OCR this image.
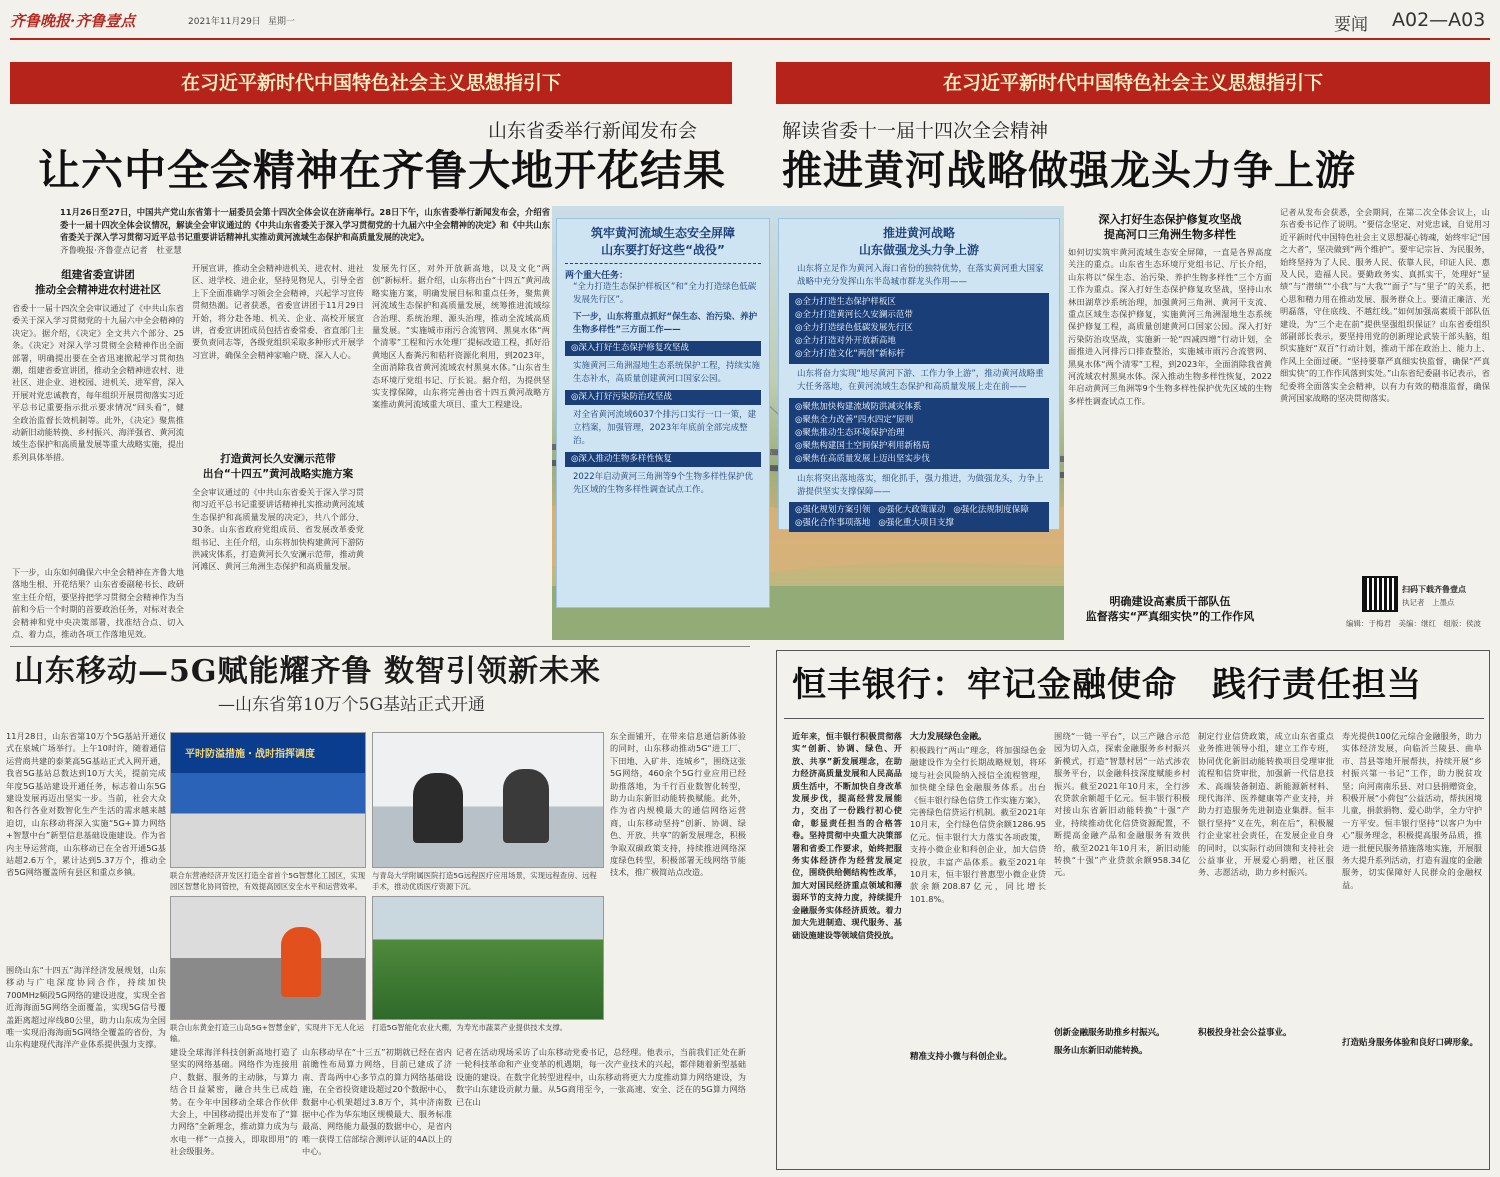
齐鲁晚报·齐鲁壹点	2021年11月29日 星期一	要闻 A02—A03
在习近平新时代中国特色社会主义思想指引下
山东省委举行新闻发布会
让六中全会精神在齐鲁大地开花结果
11月26日至27日，中国共产党山东省第十一届委员会第十四次全体会议在济南举行。28日下午，山东省委举行新闻发布会，介绍省委十一届十四次全体会议情况，解读全会审议通过的《中共山东省委关于深入学习贯彻党的十九届六中全会精神的决定》和《中共山东省委关于深入学习贯彻习近平总书记重要讲话精神扎实推动黄河流域生态保护和高质量发展的决定》。
齐鲁晚报·齐鲁壹点记者　杜亚慧
组建省委宣讲团
推动全会精神进农村进社区
省委十一届十四次全会审议通过了《中共山东省委关于深入学习贯彻党的十九届六中全会精神的决定》。据介绍，《决定》全文共六个部分、25条。《决定》对深入学习贯彻全会精神作出全面部署，明确提出要在全省迅速掀起学习贯彻热潮，组建省委宣讲团，推动全会精神进农村、进社区、进企业、进校园、进机关、进军营，深入开展对党忠诚教育，每年组织开展贯彻落实习近平总书记重要指示批示要求情况“回头看”，健全政治监督长效机制等。此外，《决定》聚焦推动新旧动能转换、乡村振兴、海洋强省、黄河流域生态保护和高质量发展等重大战略实施，提出系列具体举措。
下一步，山东如何确保六中全会精神在齐鲁大地落地生根、开花结果？山东省委副秘书长、政研室主任介绍，要坚持把学习贯彻全会精神作为当前和今后一个时期的首要政治任务，对标对表全会精神和党中央决策部署，找准结合点、切入点、着力点，推动各项工作落地见效。
开展宣讲，推动全会精神进机关、进农村、进社区、进学校、进企业，坚持见物见人，引导全省上下全面准确学习领会全会精神，兴起学习宣传贯彻热潮。记者获悉，省委宣讲团于11月29日开始，将分赴各地、机关、企业、高校开展宣讲，省委宣讲团成员包括省委常委、省直部门主要负责同志等，各级党组织采取多种形式开展学习宣讲，确保全会精神家喻户晓、深入人心。
打造黄河长久安澜示范带
出台“十四五”黄河战略实施方案
全会审议通过的《中共山东省委关于深入学习贯彻习近平总书记重要讲话精神扎实推动黄河流域生态保护和高质量发展的决定》，共八个部分、30条。山东省政府党组成员、省发展改革委党组书记、主任介绍，山东将加快构建黄河下游防洪减灾体系，打造黄河长久安澜示范带，推动黄河滩区、黄河三角洲生态保护和高质量发展。
发展先行区，对外开放新高地，以及文化“两创”新标杆。据介绍，山东将出台“十四五”黄河战略实施方案，明确发展目标和重点任务，聚焦黄河流域生态保护和高质量发展，统筹推进流域综合治理、系统治理、源头治理，推动全流域高质量发展。“实施城市雨污合流管网、黑臭水体“两个清零”工程和污水处理厂提标改造工程，抓好沿黄地区人畜粪污和秸秆资源化利用，到2023年，全面消除我省黄河流域农村黑臭水体。”山东省生态环境厅党组书记、厅长说。据介绍，为提供坚实支撑保障，山东将完善由省十四五黄河战略方案推动黄河流域重大项目、重大工程建设。
筑牢黄河流域生态安全屏障
山东要打好这些“战役”
两个重大任务：
“全力打造生态保护样板区”和“全力打造绿色低碳发展先行区”。
下一步，山东将重点抓好“保生态、治污染、养护生物多样性”三方面工作——
◎深入打好生态保护修复攻坚战
实施黄河三角洲湿地生态系统保护工程，持续实施生态补水，高质量创建黄河口国家公园。
◎深入打好污染防治攻坚战
对全省黄河流域6037个排污口实行一口一策，建立档案，加强管理，2023年年底前全部完成整治。
◎深入推动生物多样性恢复
2022年启动黄河三角洲等9个生物多样性保护优先区域的生物多样性调查试点工作。
推进黄河战略
山东做强龙头力争上游
山东将立足作为黄河入海口省份的独特优势，在落实黄河重大国家战略中充分发挥山东半岛城市群龙头作用——
◎全力打造生态保护样板区
◎全力打造黄河长久安澜示范带
◎全力打造绿色低碳发展先行区
◎全力打造对外开放新高地
◎全力打造文化“两创”新标杆
山东将奋力实现“地尽黄河下游、工作力争上游”，推动黄河战略重大任务落地，在黄河流域生态保护和高质量发展上走在前——
◎聚焦加快构建流域防洪减灾体系
◎聚焦全力改善“四水四定”原则
◎聚焦推动生态环境保护治理
◎聚焦构建国土空间保护利用新格局
◎聚焦在高质量发展上迈出坚实步伐
山东将突出落地落实，细化抓手，强力推进，为做强龙头，力争上游提供坚实支撑保障——
◎强化规划方案引领 ◎强化大政策谋动 ◎强化法规制度保障
◎强化合作事项落地 ◎强化重大项目支撑
在习近平新时代中国特色社会主义思想指引下
解读省委十一届十四次全会精神
推进黄河战略做强龙头力争上游
深入打好生态保护修复攻坚战
提高河口三角洲生物多样性
如何切实筑牢黄河流域生态安全屏障，一直是各界高度关注的重点。山东省生态环境厅党组书记、厅长介绍，山东将以“保生态、治污染、养护生物多样性”三个方面工作为重点。深入打好生态保护修复攻坚战，坚持山水林田湖草沙系统治理，加强黄河三角洲、黄河干支流、重点区域生态保护修复，实施黄河三角洲湿地生态系统保护修复工程，高质量创建黄河口国家公园。深入打好污染防治攻坚战，实施新一轮“四减四增”行动计划，全面推进入河排污口排查整治，实施城市雨污合流管网、黑臭水体“两个清零”工程，到2023年，全面消除我省黄河流域农村黑臭水体。深入推动生物多样性恢复，2022年启动黄河三角洲等9个生物多样性保护优先区域的生物多样性调查试点工作。
明确建设高素质干部队伍
监督落实“严真细实快”的工作作风
记者从发布会获悉，全会期间，在第二次全体会议上，山东省委书记作了说明。“要信念坚定、对党忠诚，自觉用习近平新时代中国特色社会主义思想凝心铸魂，始终牢记“国之大者”，坚决做到“两个维护”。要牢记宗旨、为民服务，始终坚持为了人民、服务人民、依靠人民，印证人民、惠及人民，造福人民。要勤政务实、真抓实干，处理好“显绩”与“潜绩”“小我”与“大我”“面子”与“里子”的关系，把心思和精力用在推动发展、服务群众上。要清正廉洁、光明磊落，守住底线、不越红线。”如何加强高素质干部队伍建设，为“三个走在前”提供坚强组织保证？山东省委组织部副部长表示，要坚持用党的创新理论武装干部头脑，组织实施好“双百”行动计划，推动干部在政治上、能力上、作风上全面过硬。“坚持要靠严真细实快监督，确保“严真细实快”的工作作风落到实处。”山东省纪委副书记表示，省纪委将全面落实全会精神，以有力有效的精准监督，确保黄河国家战略的坚决贯彻落实。
扫码下载齐鲁壹点
执记者　上墨点
编辑：于梅君　美编：继红　组版：侯波
山东移动—5G赋能耀齐鲁 数智引领新未来
—山东省第10万个5G基站正式开通
11月28日，山东省第10万个5G基站开通仪式在泉城广场举行。上午10时许，随着通信运营商共建的泰莱高5G基站正式入网开通，我省5G基站总数达到10万大关，提前完成年度5G基站建设开通任务，标志着山东5G建设发展再迈出坚实一步。当前，社会大众和各行各业对数智化生产生活的需求越来越迫切，山东移动将深入实施“5G+算力网络+智慧中台”新型信息基础设施建设。作为省内主导运营商，山东移动已在全省开通5G基站超2.6万个，累计达到5.37万个，推动全省5G网络覆盖所有县区和重点乡镇。
围绕山东“十四五”海洋经济发展规划，山东移动与广电深度协同合作，持续加快700MHz频段5G网络的建设进度，实现全省近海海面5G网络全面覆盖，实现5G信号覆盖距离超过岸线80公里，助力山东成为全国唯一实现沿海海面5G网络全覆盖的省份，为山东构建现代海洋产业体系提供强力支撑。
平时防溢措施・战时指挥调度
联合东营港经济开发区打造全省首个5G智慧化工园区，实现园区智慧化协同管控，有效提高园区安全水平和运营效率。
与青岛大学附属医院打造5G远程医疗应用场景，实现远程查房、远程手术，推动优质医疗资源下沉。
联合山东黄金打造三山岛5G+智慧金矿，实现井下无人化运输。
打造5G智能化农业大棚，为寿光市蔬菜产业提供技术支撑。
建设全球海洋科技创新高地打造了坚实的网络基础。网络作为连接用户、数据、服务的主动脉，与算力结合日益紧密，融合共生已成趋势。在今年中国移动全球合作伙伴大会上，中国移动提出并发布了“算力网络”全新理念，推动算力成为与水电一样“一点接入，即取即用”的社会级服务。
山东移动早在“十三五”初期就已经在省内前瞻性布局算力网络，目前已建成了济南、青岛两中心多节点的算力网络基础设施，在全省投资建设超过20个数据中心，数据中心机架超过3.8万个，其中济南数据中心作为华东地区规模最大、服务标准最高、网络能力最强的数据中心，是省内唯一获得工信部综合测评认证的4A以上的中心。
东全面铺开，在带来信息通信新体验的同时，山东移动推动5G“进工厂、下田地、入矿井、连城乡”，围绕这张5G网络，460余个5G行业应用已经助推落地，为千行百业数智化转型，助力山东新旧动能转换赋能。此外，作为省内规模最大的通信网络运营商，山东移动坚持“创新、协调、绿色、开放、共享”的新发展理念，积极争取双碳政策支持，持续推进网络深度绿色转型，积极部署无线网络节能技术，推广极简站点改造。
记者在活动现场采访了山东移动党委书记，总经理。他表示，当前我们正处在新一轮科技革命和产业变革的机遇期，每一次产业技术的兴起，都伴随着新型基础设施的建设。在数字化转型进程中，山东移动将更大力度推动算力网络建设，为数字山东建设贡献力量。从5G商用至今，一张高速、安全、泛在的5G算力网络已在山
恒丰银行：牢记金融使命　践行责任担当
近年来，恒丰银行积极贯彻落实“创新、协调、绿色、开放、共享”新发展理念，在助力经济高质量发展和人民高品质生活中，不断加快自身改革发展步伐，提高经营发展能力，交出了一份践行初心使命，彰显责任担当的合格答卷。坚持贯彻中央重大决策部署和省委工作要求，始终把服务实体经济作为经营发展定位，围绕供给侧结构性改革，加大对国民经济重点领域和薄弱环节的支持力度，持续提升金融服务实体经济质效。着力加大先进制造、现代服务、基础设施建设等领域信贷投放。
大力发展绿色金融。
积极践行“两山”理念，将加强绿色金融建设作为全行长期战略规划，将环境与社会风险纳入授信全流程管理，加快健全绿色金融服务体系。出台《恒丰银行绿色信贷工作实施方案》，完善绿色信贷运行机制。截至2021年10月末，全行绿色信贷余额1286.95亿元。恒丰银行大力落实各项政策，支持小微企业和科创企业，加大信贷投放，丰富产品体系。截至2021年10月末，恒丰银行普惠型小微企业贷款余额208.87亿元，同比增长101.8%。
精准支持小微与科创企业。
围绕“一链一平台”，以三产融合示范园为切入点，探索金融服务乡村振兴新模式，打造“智慧村居”一站式涉农服务平台，以金融科技深度赋能乡村振兴。截至2021年10月末，全行涉农贷款余额超千亿元。恒丰银行积极对接山东省新旧动能转换“十强”产业，持续推动优化信贷资源配置，不断提高金融产品和金融服务有效供给，截至2021年10月末，新旧动能转换“十强”产业贷款余额958.34亿元。
创新金融服务助推乡村振兴。
服务山东新旧动能转换。
制定行业信贷政策，成立山东省重点业务推进领导小组，建立工作专班，协同优化新旧动能转换项目受理审批流程和信贷审批，加强新一代信息技术、高端装备制造、新能源新材料、现代海洋、医养健康等产业支持，并助力打造服务先进制造业集群。恒丰银行坚持“义在先，利在后”，积极履行企业家社会责任，在发展企业自身的同时，以实际行动回馈和支持社会公益事业，开展爱心捐赠，社区服务、志愿活动，助力乡村振兴。
积极投身社会公益事业。
寿光提供100亿元综合金融服务，助力实体经济发展，向临沂兰陵县、曲阜市、莒县等地开展帮扶，持续开展“乡村振兴第一书记”工作，助力脱贫攻坚；向河南南乐县、对口县捐赠资金，积极开展“小荷包”公益活动，帮扶困境儿童，捐款捐物、爱心助学，全力守护一方平安。恒丰银行坚持“以客户为中心”服务理念，积极提高服务品质，推进一批便民服务措施落地实施，开展服务大提升系列活动，打造有温度的金融服务，切实保障好人民群众的金融权益。
打造贴身服务体验和良好口碑形象。
